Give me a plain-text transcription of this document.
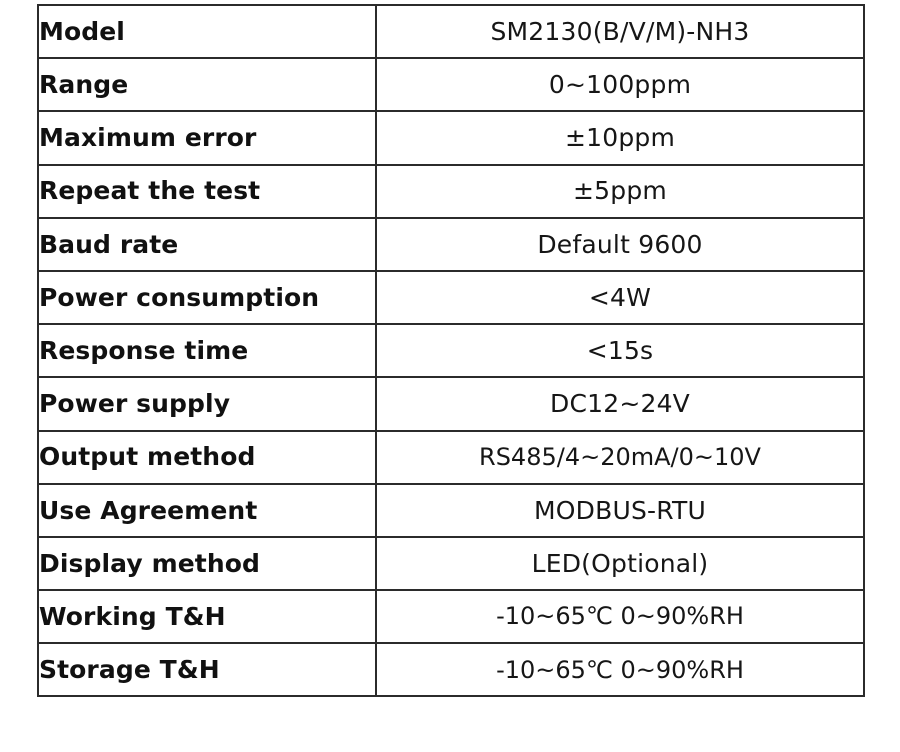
Model	SM2130(B/V/M)-NH3
Range	0~100ppm
Maximum error	±10ppm
Repeat the test	±5ppm
Baud rate	Default 9600
Power consumption	<4W
Response time	<15s
Power supply	DC12~24V
Output method	RS485/4~20mA/0~10V
Use Agreement	MODBUS-RTU
Display method	LED(Optional)
Working T&H	-10~65℃ 0~90%RH
Storage T&H	-10~65℃ 0~90%RH
